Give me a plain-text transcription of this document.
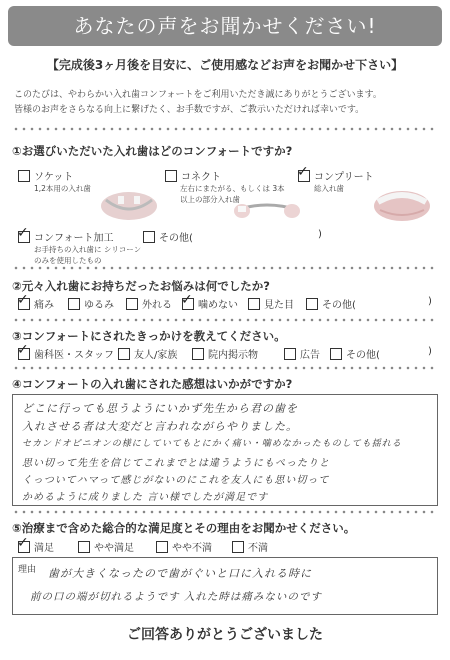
あなたの声をお聞かせください!
【完成後3ヶ月後を目安に、ご使用感などお声をお聞かせ下さい】
このたびは、やわらかい入れ歯コンフォートをご利用いただき誠にありがとうございます。
皆様のお声をさらなる向上に繋げたく、お手数ですが、ご教示いただければ幸いです。
①お選びいただいた入れ歯はどのコンフォートですか?
ソケット
1,2本用の入れ歯
コネクト
左右にまたがる、もしくは 3本以上の部分入れ歯
✓ コンプリート
総入れ歯
✓ コンフォート加工
お手持ちの入れ歯に シリコーンのみを使用したもの
その他(	)
②元々入れ歯にお持ちだったお悩みは何でしたか?
✓ 痛み	ゆるみ	外れる ✓ 噛めない	見た目	その他(	)
③コンフォートにされたきっかけを教えてください。
✓ 歯科医・スタッフ	友人/家族	院内掲示物	広告	その他(	)
④コンフォートの入れ歯にされた感想はいかがですか?
どこに行っても思うようにいかず先生から君の歯を
入れさせる者は大変だと言われながらやりました。
セカンドオピニオンの様にしていてもとにかく痛い・噛めなかったものしても揺れる
思い切って先生を信じてこれまでとは違うようにもぺったりと
くっついてハマって感じがないのにこれを友人にも思い切って
かめるように成りました 言い様でしたが満足です
⑤治療まで含めた総合的な満足度とその理由をお聞かせください。
✓ 満足	やや満足	やや不満	不満
理由 歯が大きくなったので歯がぐいと口に入れる時に
前の口の端が切れるようです 入れた時は痛みないのです
ご回答ありがとうございました
